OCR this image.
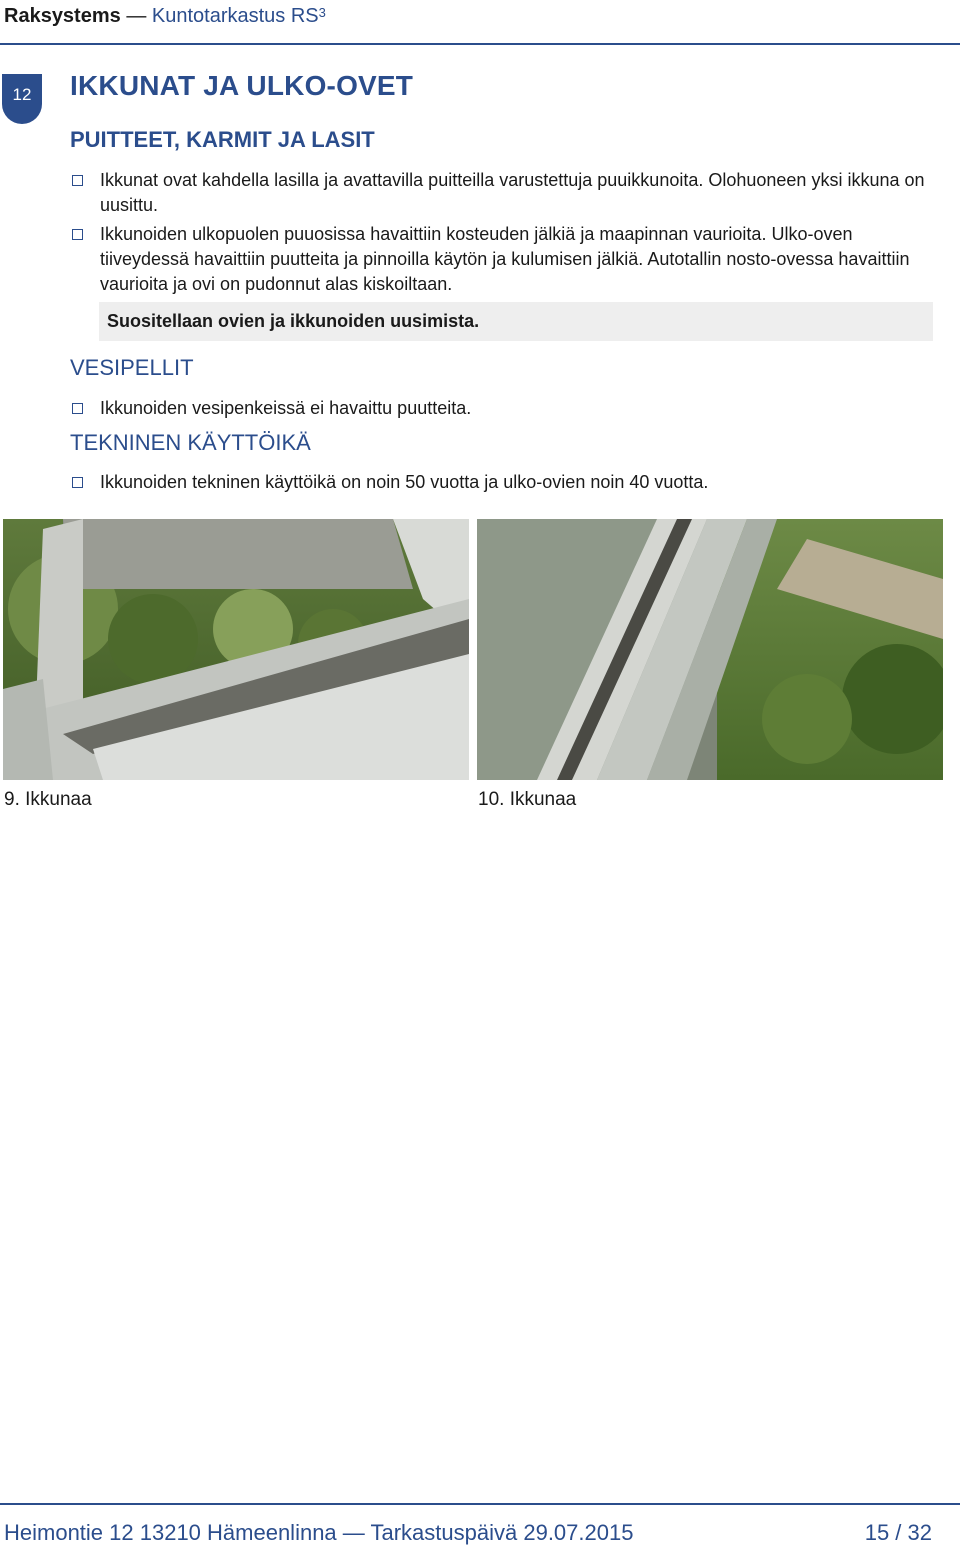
Raksystems — Kuntotarkastus $RS^3$
12	IKKUNAT JA ULKO-OVET
PUITTEET, KARMIT JA LASIT
Ikkunat ovat kahdella lasilla ja avattavilla puitteilla varustettuja puuikkunoita. Olohuoneen yksi ikkuna on uusittu.
Ikkunoiden ulkopuolen puuosissa havaittiin kosteuden jälkiä ja maapinnan vaurioita. Ulko-oven tiiveydessä havaittiin puutteita ja pinnoilla käytön ja kulumisen jälkiä. Autotallin nosto-ovessa havaittiin vaurioita ja ovi on pudonnut alas kiskoiltaan.
Suositellaan ovien ja ikkunoiden uusimista.
VESIPELLIT
Ikkunoiden vesipenkeissä ei havaittu puutteita.
TEKNINEN KÄYTTÖIKÄ
Ikkunoiden tekninen käyttöikä on noin 50 vuotta ja ulko-ovien noin 40 vuotta.
9. Ikkunaa	10. Ikkunaa
Heimontie 12 13210 Hämeenlinna — Tarkastuspäivä 29.07.2015	15 / 32
